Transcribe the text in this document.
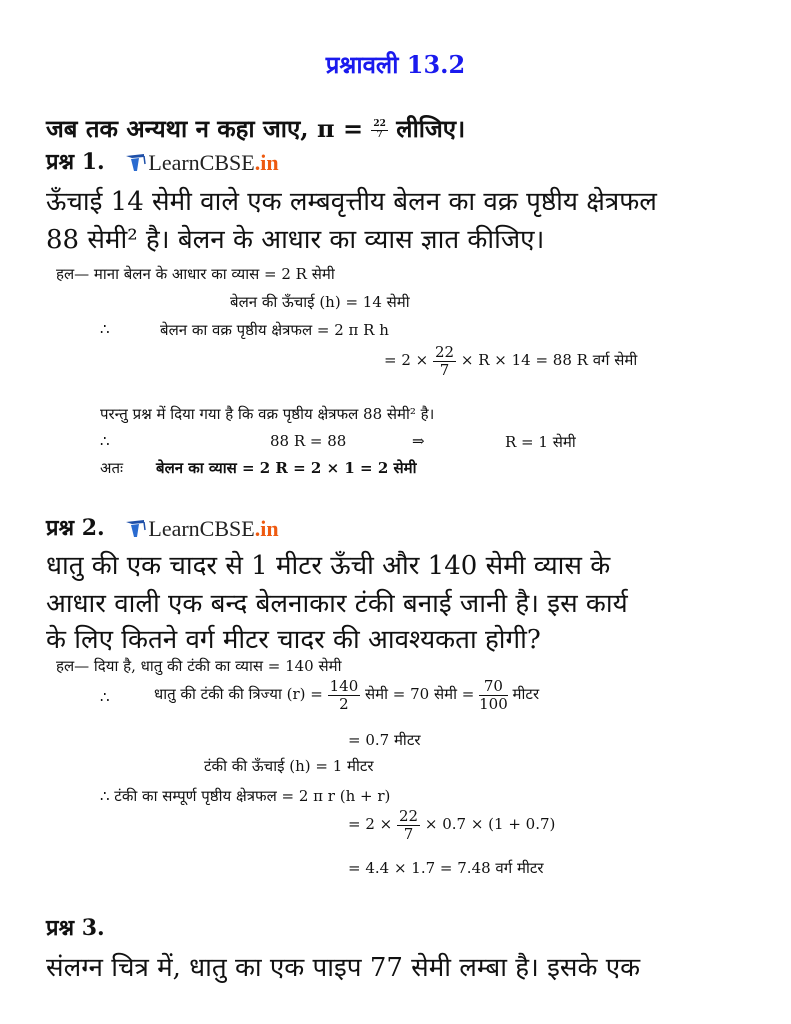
प्रश्नावली 13.2
जब तक अन्यथा न कहा जाए, $\pi = \frac{22}{7}$ लीजिए।
प्रश्न 1. LearnCBSE .in
ऊँचाई 14 सेमी वाले एक लम्बवृत्तीय बेलन का वक्र पृष्ठीय क्षेत्रफल
88 सेमी² है। बेलन के आधार का व्यास ज्ञात कीजिए।
हल— माना बेलन के आधार का व्यास = 2 R सेमी
बेलन की ऊँचाई (h) = 14 सेमी
∴	बेलन का वक्र पृष्ठीय क्षेत्रफल = 2 π R h
= $2 \times \frac{22}{7} \times R \times 14 = 88$ R वर्ग सेमी
परन्तु प्रश्न में दिया गया है कि वक्र पृष्ठीय क्षेत्रफल 88 सेमी² है।
∴	88 R = 88	⇒	R = 1 सेमी
अतः बेलन का व्यास = 2 R = 2 × 1 = 2 सेमी
प्रश्न 2. LearnCBSE .in
धातु की एक चादर से 1 मीटर ऊँची और 140 सेमी व्यास के
आधार वाली एक बन्द बेलनाकार टंकी बनाई जानी है। इस कार्य
के लिए कितने वर्ग मीटर चादर की आवश्यकता होगी?
हल— दिया है, धातु की टंकी का व्यास = 140 सेमी
∴	धातु की टंकी की त्रिज्या $(r) = \frac{140}{2}$ सेमी = 70 सेमी = $\frac{70}{100}$ मीटर
= 0.7 मीटर
टंकी की ऊँचाई (h) = 1 मीटर
∴ टंकी का सम्पूर्ण पृष्ठीय क्षेत्रफल = 2 π r (h + r)
= $2 \times \frac{22}{7} \times 0.7 \times (1 + 0.7)$
= 4.4 × 1.7 = 7.48 वर्ग मीटर
प्रश्न 3.
संलग्न चित्र में, धातु का एक पाइप 77 सेमी लम्बा है। इसके एक
